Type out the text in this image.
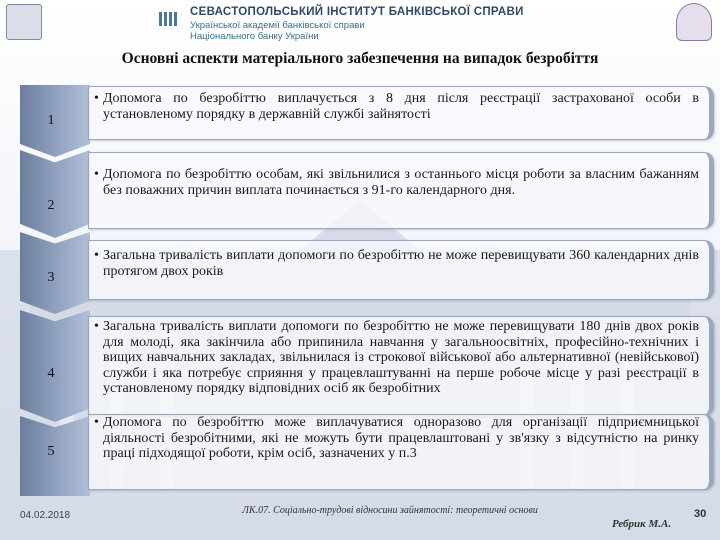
СЕВАСТОПОЛЬСЬКИЙ ІНСТИТУТ БАНКІВСЬКОЇ СПРАВИ
Української академії банківської справи
Національного банку України
Основні аспекти матеріального забезпечення на випадок безробіття
1
• Допомога по безробіттю виплачується з 8 дня після реєстрації застрахованої особи в установленому порядку в державній службі зайнятості
2
• Допомога по безробіттю особам, які звільнилися з останнього місця роботи за власним бажанням без поважних причин виплата починається з 91-го календарного дня.
3
• Загальна тривалість виплати допомоги по безробіттю не може перевищувати 360 календарних днів протягом двох років
4
• Загальна тривалість виплати допомоги по безробіттю не може перевищувати 180 днів двох років для молоді, яка закінчила або припинила навчання у загальноосвітніх, професійно-технічних і вищих навчальних закладах, звільнилася із строкової військової або альтернативної (невійськової) служби і яка потребує сприяння у працевлаштуванні на перше робоче місце у разі реєстрації в установленому порядку відповідних осіб як безробітних
5
• Допомога по безробіттю може виплачуватися одноразово для організації підприємницької діяльності безробітними, які не можуть бути працевлаштовані у зв'язку з відсутністю на ринку праці підходящої роботи, крім осіб, зазначених у п.3
04.02.2018	ЛК.07. Соціально-трудові відносини зайнятості: теоретичні основи
Ребрик М.А.
30
